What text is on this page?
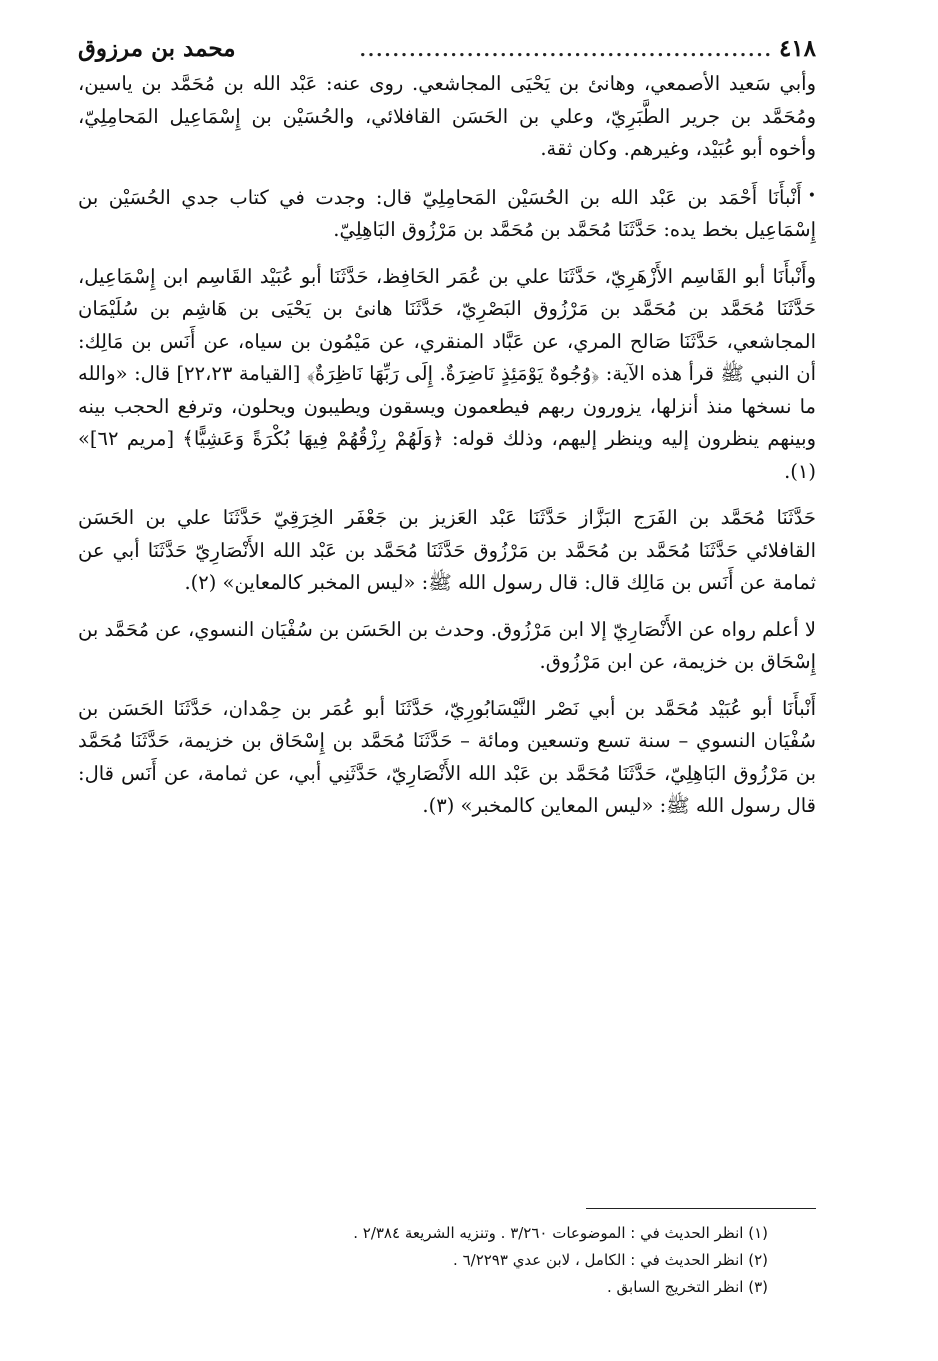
٤١٨
..................................................
محمد بن مرزوق

وأبي سَعيد الأصمعي، وهانئ بن يَحْيَى المجاشعي. روى عنه: عَبْد الله بن مُحَمَّد بن ياسين، ومُحَمَّد بن جرير الطَّبَرِيّ، وعلي بن الحَسَن القافلائي، والحُسَيْن بن إِسْمَاعِيل المَحامِلِيّ، وأخوه أبو عُبَيْد، وغيرهم. وكان ثقة.

•أَنْبأَنَا أَحْمَد بن عَبْد الله بن الحُسَيْن المَحامِلِيّ قال: وجدت في كتاب جدي الحُسَيْن بن إِسْمَاعِيل بخط يده: حَدَّثَنَا مُحَمَّد بن مُحَمَّد بن مَرْزُوق البَاهِلِيّ.

وأَنْبأَنَا أبو القَاسِم الأَزْهَرِيّ، حَدَّثَنَا علي بن عُمَر الحَافِظ، حَدَّثَنَا أبو عُبَيْد القَاسِم ابن إِسْمَاعِيل، حَدَّثَنَا مُحَمَّد بن مُحَمَّد بن مَرْزُوق البَصْرِيّ، حَدَّثَنَا هانئ بن يَحْيَى بن هَاشِم بن سُلَيْمَان المجاشعي، حَدَّثَنَا صَالح المري، عن عَبَّاد المنقري، عن مَيْمُون بن سياه، عن أَنَس بن مَالِك: أن النبي ﷺ قرأ هذه الآية: ﴿وُجُوهٌ يَوْمَئِذٍ نَاضِرَةٌ. إِلَى رَبِّهَا نَاظِرَةٌ﴾ [القيامة ٢٢،٢٣] قال: «والله ما نسخها منذ أنزلها، يزورون ربهم فيطعمون ويسقون ويطيبون ويحلون، وترفع الحجب بينه وبينهم ينظرون إليه وينظر إليهم، وذلك قوله: ﴿وَلَهُمْ رِزْقُهُمْ فِيهَا بُكْرَةً وَعَشِيًّا﴾ [مريم ٦٢]» (١).

حَدَّثَنَا مُحَمَّد بن الفَرَج البَزَّاز حَدَّثَنَا عَبْد العَزيز بن جَعْفَر الخِرَقِيّ حَدَّثَنَا علي بن الحَسَن القافلائي حَدَّثَنَا مُحَمَّد بن مُحَمَّد بن مَرْزُوق حَدَّثَنَا مُحَمَّد بن عَبْد الله الأَنْصَارِيّ حَدَّثَنَا أبي عن ثمامة عن أَنَس بن مَالِك قال: قال رسول الله ﷺ: «ليس المخبر كالمعاين» (٢).

لا أعلم رواه عن الأَنْصَارِيّ إلا ابن مَرْزُوق. وحدث بن الحَسَن بن سُفْيَان النسوي، عن مُحَمَّد بن إِسْحَاق بن خزيمة، عن ابن مَرْزُوق.

أَنْبأَنَا أبو عُبَيْد مُحَمَّد بن أبي نَصْر النَّيْسَابُورِيّ، حَدَّثَنَا أبو عُمَر بن حِمْدان، حَدَّثَنَا الحَسَن بن سُفْيَان النسوي – سنة تسع وتسعين ومائة – حَدَّثَنَا مُحَمَّد بن إِسْحَاق بن خزيمة، حَدَّثَنَا مُحَمَّد بن مَرْزُوق البَاهِلِيّ، حَدَّثَنَا مُحَمَّد بن عَبْد الله الأَنْصَارِيّ، حَدَّثَنِي أبي، عن ثمامة، عن أَنَس قال: قال رسول الله ﷺ: «ليس المعاين كالمخبر» (٣).

(١) انظر الحديث في : الموضوعات ٣/٢٦٠ . وتنزيه الشريعة ٢/٣٨٤ .

(٢) انظر الحديث في : الكامل ، لابن عدي ٦/٢٢٩٣ .

(٣) انظر التخريج السابق .
